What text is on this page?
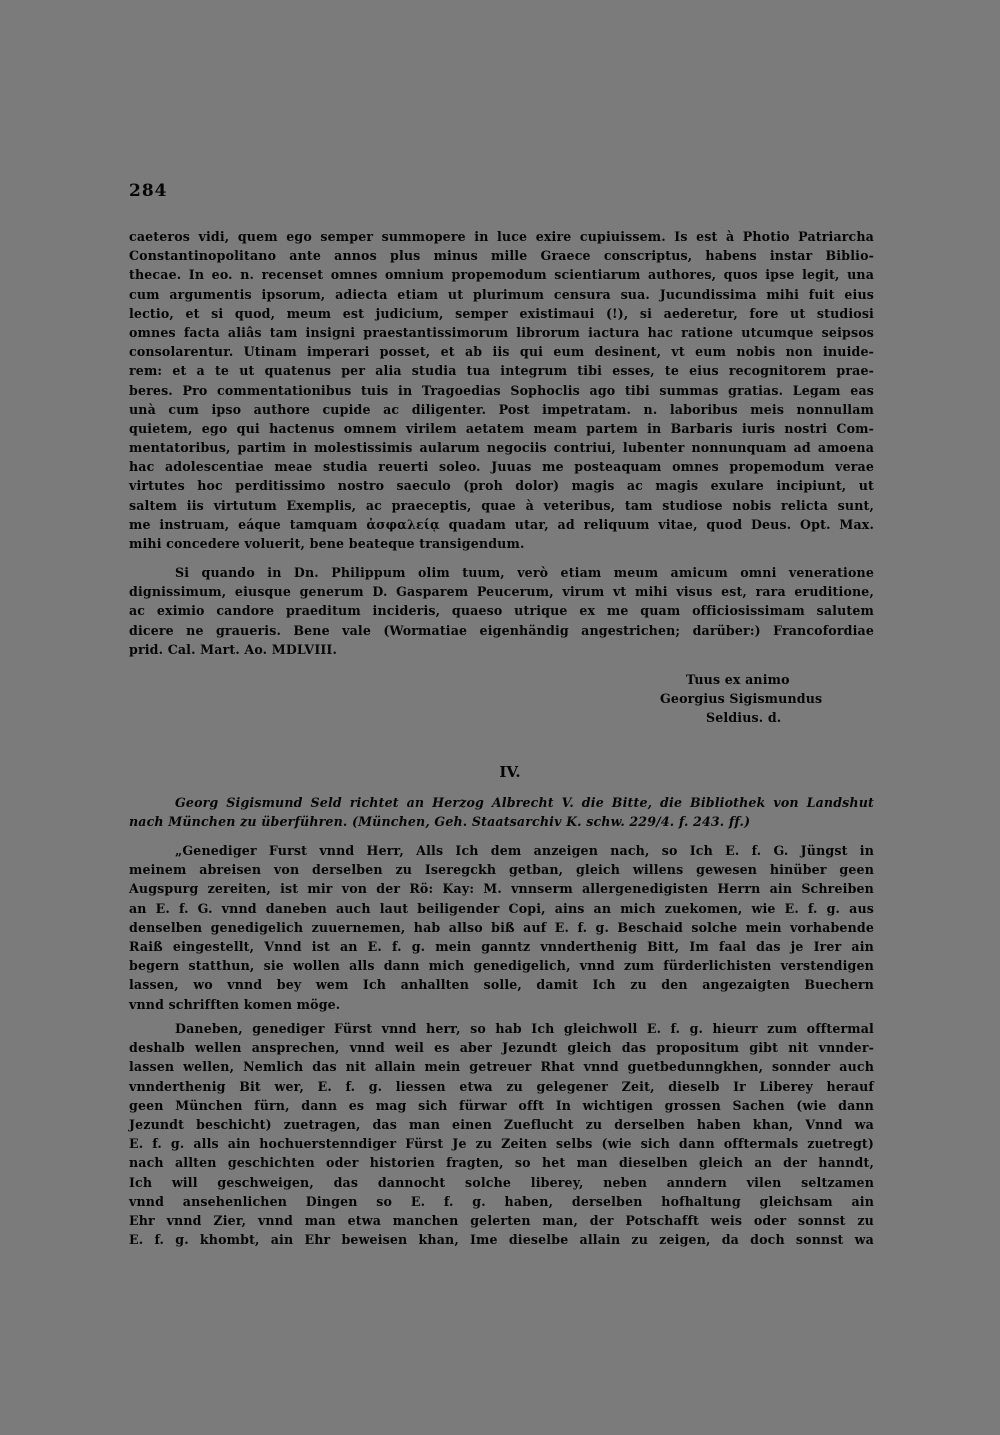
284
caeteros vidi, quem ego semper summopere in luce exire cupiuissem. Is est à Photio Patriarcha
Constantinopolitano ante annos plus minus mille Graece conscriptus, habens instar Biblio-
thecae. In eo. n. recenset omnes omnium propemodum scientiarum authores, quos ipse legit, una
cum argumentis ipsorum, adiecta etiam ut plurimum censura sua. Jucundissima mihi fuit eius
lectio, et si quod, meum est judicium, semper existimaui (!), si aederetur, fore ut studiosi
omnes facta aliâs tam insigni praestantissimorum librorum iactura hac ratione utcumque seipsos
consolarentur. Utinam imperari posset, et ab iis qui eum desinent, vt eum nobis non inuide-
rem: et a te ut quatenus per alia studia tua integrum tibi esses, te eius recognitorem prae-
beres. Pro commentationibus tuis in Tragoedias Sophoclis ago tibi summas gratias. Legam eas
unà cum ipso authore cupide ac diligenter. Post impetratam. n. laboribus meis nonnullam
quietem, ego qui hactenus omnem virilem aetatem meam partem in Barbaris iuris nostri Com-
mentatoribus, partim in molestissimis aularum negociis contriui, lubenter nonnunquam ad amoena
hac adolescentiae meae studia reuerti soleo. Juuas me posteaquam omnes propemodum verae
virtutes hoc perditissimo nostro saeculo (proh dolor) magis ac magis exulare incipiunt, ut
saltem iis virtutum Exemplis, ac praeceptis, quae à veteribus, tam studiose nobis relicta sunt,
me instruam, eáque tamquam ἀσφαλείᾳ quadam utar, ad reliquum vitae, quod Deus. Opt. Max.
mihi concedere voluerit, bene beateque transigendum.
Si quando in Dn. Philippum olim tuum, verò etiam meum amicum omni veneratione
dignissimum, eiusque generum D. Gasparem Peucerum, virum vt mihi visus est, rara eruditione,
ac eximio candore praeditum incideris, quaeso utrique ex me quam officiosissimam salutem
dicere ne graueris. Bene vale (Wormatiae eigenhändig angestrichen; darüber:) Francofordiae
prid. Cal. Mart. Ao. MDLVIII.
Tuus ex animo
Georgius Sigismundus
Seldius. d.
IV.
Georg Sigismund Seld richtet an Herzog Albrecht V. die Bitte, die Bibliothek von Landshut
nach München zu überführen. (München, Geh. Staatsarchiv K. schw. 229/4. f. 243. ff.)
„Genediger Furst vnnd Herr, Alls Ich dem anzeigen nach, so Ich E. f. G. Jüngst in
meinem abreisen von derselben zu Iseregckh getban, gleich willens gewesen hinüber geen
Augspurg zereiten, ist mir von der Rö: Kay: M. vnnserm allergenedigisten Herrn ain Schreiben
an E. f. G. vnnd daneben auch laut beiligender Copi, ains an mich zuekomen, wie E. f. g. aus
denselben genedigelich zuuernemen, hab allso biß auf E. f. g. Beschaid solche mein vorhabende
Raiß eingestellt, Vnnd ist an E. f. g. mein ganntz vnnderthenig Bitt, Im faal das je Irer ain
begern statthun, sie wollen alls dann mich genedigelich, vnnd zum fürderlichisten verstendigen
lassen, wo vnnd bey wem Ich anhallten solle, damit Ich zu den angezaigten Buechern
vnnd schrifften komen möge.
Daneben, genediger Fürst vnnd herr, so hab Ich gleichwoll E. f. g. hieurr zum offtermal
deshalb wellen ansprechen, vnnd weil es aber Jezundt gleich das propositum gibt nit vnnder-
lassen wellen, Nemlich das nit allain mein getreuer Rhat vnnd guetbedunngkhen, sonnder auch
vnnderthenig Bit wer, E. f. g. liessen etwa zu gelegener Zeit, dieselb Ir Liberey herauf
geen München fürn, dann es mag sich fürwar offt In wichtigen grossen Sachen (wie dann
Jezundt beschicht) zuetragen, das man einen Zueflucht zu derselben haben khan, Vnnd wa
E. f. g. alls ain hochuerstenndiger Fürst Je zu Zeiten selbs (wie sich dann offtermals zuetregt)
nach allten geschichten oder historien fragten, so het man dieselben gleich an der hanndt,
Ich will geschweigen, das dannocht solche liberey, neben anndern vilen seltzamen
vnnd ansehenlichen Dingen so E. f. g. haben, derselben hofhaltung gleichsam ain
Ehr vnnd Zier, vnnd man etwa manchen gelerten man, der Potschafft weis oder sonnst zu
E. f. g. khombt, ain Ehr beweisen khan, Ime dieselbe allain zu zeigen, da doch sonnst wa
